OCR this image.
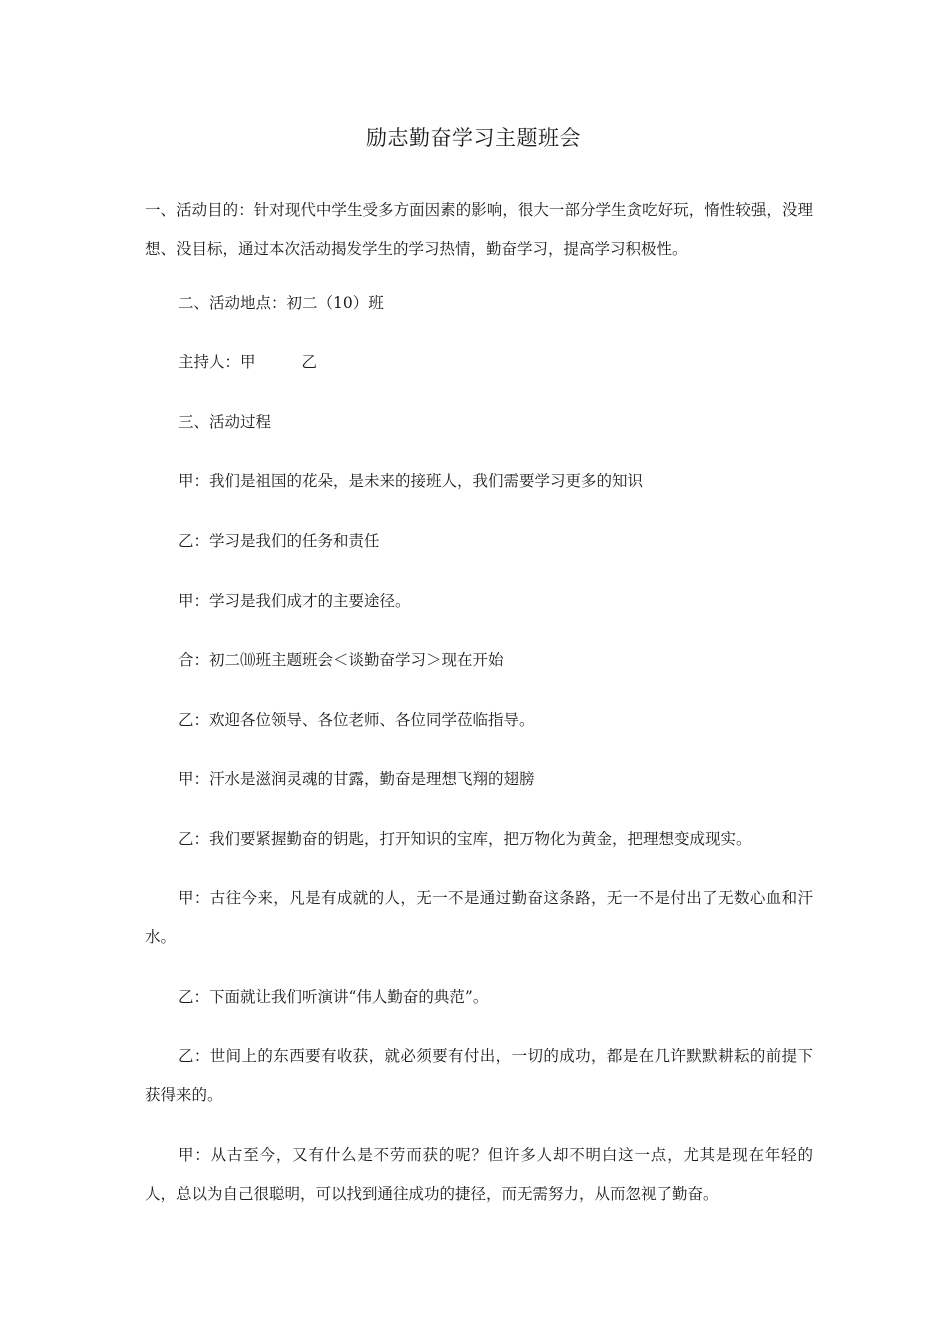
励志勤奋学习主题班会

一、活动目的：针对现代中学生受多方面因素的影响，很大一部分学生贪吃好玩，惰性较强，没理想、没目标，通过本次活动揭发学生的学习热情，勤奋学习，提高学习积极性。

二、活动地点：初二（10）班

主持人：甲	乙

三、活动过程

甲：我们是祖国的花朵，是未来的接班人，我们需要学习更多的知识

乙：学习是我们的任务和责任

甲：学习是我们成才的主要途径。

合：初二⑽班主题班会＜谈勤奋学习＞现在开始

乙：欢迎各位领导、各位老师、各位同学莅临指导。

甲：汗水是滋润灵魂的甘露，勤奋是理想飞翔的翅膀

乙：我们要紧握勤奋的钥匙，打开知识的宝库，把万物化为黄金，把理想变成现实。

甲：古往今来，凡是有成就的人，无一不是通过勤奋这条路，无一不是付出了无数心血和汗水。

乙：下面就让我们听演讲“伟人勤奋的典范”。

乙：世间上的东西要有收获，就必须要有付出，一切的成功，都是在几许默默耕耘的前提下获得来的。

甲：从古至今，又有什么是不劳而获的呢？但许多人却不明白这一点，尤其是现在年轻的人，总以为自己很聪明，可以找到通往成功的捷径，而无需努力，从而忽视了勤奋。
